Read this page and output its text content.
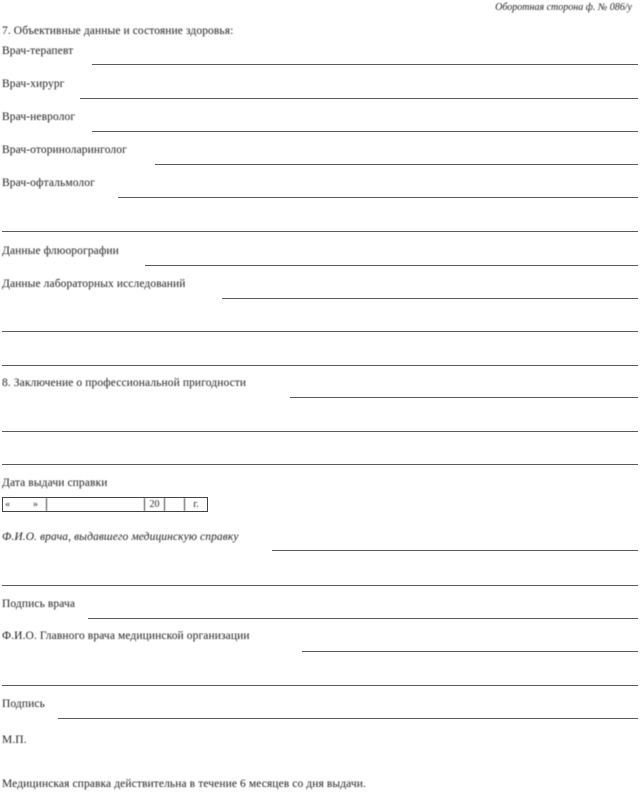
Оборотная сторона ф. № 086/у
7. Объективные данные и состояние здоровья:
Врач-терапевт
Врач-хирург
Врач-невролог
Врач-оториноларинголог
Врач-офтальмолог
Данные флюорографии
Данные лабораторных исследований
8. Заключение о профессиональной пригодности
Дата выдачи справки
« »	20	г.
Ф.И.О. врача, выдавшего медицинскую справку
Подпись врача
Ф.И.О. Главного врача медицинской организации
Подпись
М.П.
Медицинская справка действительна в течение 6 месяцев со дня выдачи.
